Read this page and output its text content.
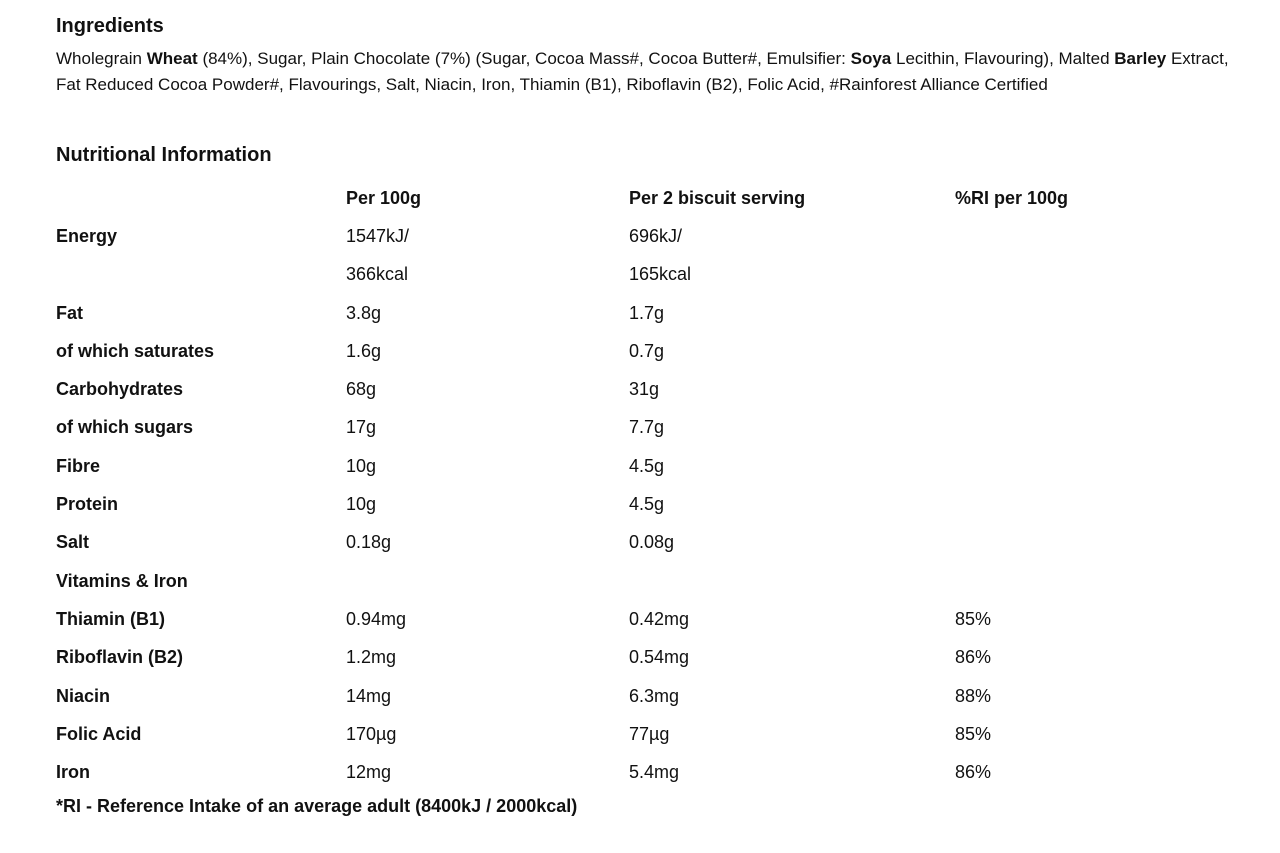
Ingredients

Wholegrain Wheat (84%), Sugar, Plain Chocolate (7%) (Sugar, Cocoa Mass#, Cocoa Butter#, Emulsifier: Soya Lecithin, Flavouring), Malted Barley Extract, Fat Reduced Cocoa Powder#, Flavourings, Salt, Niacin, Iron, Thiamin (B1), Riboflavin (B2), Folic Acid, #Rainforest Alliance Certified

Nutritional Information
	Per 100g	Per 2 biscuit serving	%RI per 100g
Energy	1547kJ/	696kJ/	
	366kcal	165kcal	
Fat	3.8g	1.7g	
of which saturates	1.6g	0.7g	
Carbohydrates	68g	31g	
of which sugars	17g	7.7g	
Fibre	10g	4.5g	
Protein	10g	4.5g	
Salt	0.18g	0.08g	
Vitamins & Iron			
Thiamin (B1)	0.94mg	0.42mg	85%
Riboflavin (B2)	1.2mg	0.54mg	86%
Niacin	14mg	6.3mg	88%
Folic Acid	170µg	77µg	85%
Iron	12mg	5.4mg	86%
*RI - Reference Intake of an average adult (8400kJ / 2000kcal)
